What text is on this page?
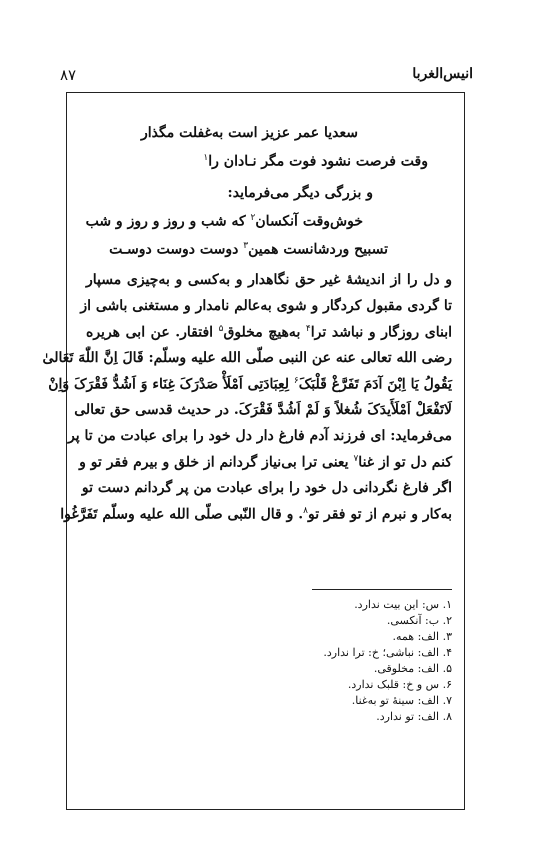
انیس‌الغربا
۸۷
سعدیا عمر عزیز است به‌غفلت مگذار
وقت فرصت نشود فوت مگر نـادان را$^۱$
و بزرگی دیگر می‌فرماید:
خوش‌وقت آنکسان$^۲$ که شب و روز و روز و شب
تسبیح وردشانست همین$^۳$ دوست دوست دوسـت
و دل را از اندیشهٔ غیر حق نگاهدار و به‌کسی و به‌چیزی مسپار
تا گردی مقبول کردگار و شوی به‌عالم نامدار و مستغنی باشی از
ابنای روزگار و نباشد ترا$^۴$ به‌هیچ مخلوق$^۵$ افتقار. عن ابی هریره
رضی الله تعالی عنه عن النبی صلّی الله علیه وسلّم: قَالَ اِنَّ اللّٰهَ تَعَالیٰ
یَقُولُ یَا اِبْنَ آدَمَ تَفَرَّغْ قَلْبَکَ$^۶$ لِعِبَادَتِی اَمْلَأْ صَدْرَکَ غِنَاء وَ اَشُدُّ فَقْرَکَ وَاِنْ
لَاتَفْعَلْ اَمْلَأَیدَکَ شُغلاً وَ لَمْ اَشُدَّ فَقْرَکَ. در حدیث قدسی حق تعالی
می‌فرماید: ای فرزند آدم فارغ دار دل خود را برای عبادت من تا پر
کنم دل تو از غنا$^۷$ یعنی ترا بی‌نیاز گردانم از خلق و بیرم فقر تو و
اگر فارغ نگردانی دل خود را برای عبادت من پر گردانم دست تو
به‌کار و نبرم از تو فقر تو$^۸$. و قال النّبی صلّی الله علیه وسلّم تَفَرَّغُوا
۱. س: این بیت ندارد.
۲. ب: آنکسی.
۳. الف: همه.
۴. الف: نباشی؛ خ: ترا ندارد.
۵. الف: مخلوقی.
۶. س و خ: قلبک ندارد.
۷. الف: سینهٔ تو به‌غنا.
۸. الف: تو ندارد.
